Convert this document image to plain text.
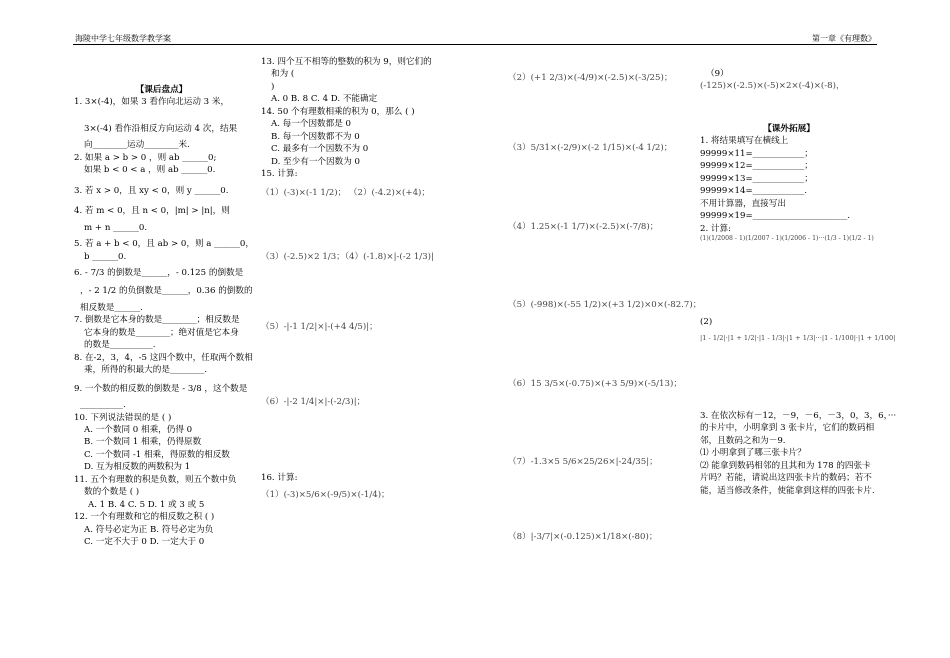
海陵中学七年级数学教学案	第一章《有理数》

【课后盘点】

1. 3×(-4)，如果 3 看作向北运动 3 米，

3×(-4) 看作沿相反方向运动 4 次，结果

向________运动________米.

2. 如果 a > b > 0 ，则 ab ______0;

如果 b < 0 < a ，则 ab ______0.

3. 若 x > 0，且 xy < 0，则 y ______0.

4. 若 m < 0，且 n < 0，|m| > |n|，则

m + n ______0.

5. 若 a + b < 0，且 ab > 0，则 a ______0，

b ______0.

6. - 7/3 的倒数是______，- 0.125 的倒数是

，- 2 1/2 的负倒数是______，0.36 的倒数的

相反数是______.

7. 倒数是它本身的数是________；相反数是

它本身的数是________；绝对值是它本身

的数是__________.

8. 在-2，3，4，-5 这四个数中，任取两个数相

乘，所得的积最大的是________.

9. 一个数的相反数的倒数是 - 3/8 ，这个数是

__________.

10. 下列说法错误的是 ( )

A. 一个数同 0 相乘，仍得 0

B. 一个数同 1 相乘，仍得原数

C. 一个数同 -1 相乘，得原数的相反数

D. 互为相反数的两数积为 1

11. 五个有理数的积是负数，则五个数中负

数的个数是 ( )

A. 1 B. 4 C. 5 D. 1 或 3 或 5

12. 一个有理数和它的相反数之积 ( )

A. 符号必定为正 B. 符号必定为负

C. 一定不大于 0 D. 一定大于 0

13. 四个互不相等的整数的积为 9，则它们的

和为 (

)

A. 0 B. 8 C. 4 D. 不能确定

14. 50 个有理数相乘的积为 0，那么 ( )

A. 每一个因数都是 0

B. 每一个因数都不为 0

C. 最多有一个因数不为 0

D. 至少有一个因数为 0

15. 计算:

（1）(-3)×(-1 1/2)； （2）(-4.2)×(+4)；

（3）(-2.5)×2 1/3；（4）(-1.8)×|-(-2 1/3)|

（5）-|-1 1/2|×|-(+4 4/5)|；

（6）-|-2 1/4|×|-(-2/3)|；

16. 计算:

（1）(-3)×5/6×(-9/5)×(-1/4)；

（2）(+1 2/3)×(-4/9)×(-2.5)×(-3/25)；

（3）5/31×(-2/9)×(-2 1/15)×(-4 1/2)；

（4）1.25×(-1 1/7)×(-2.5)×(-7/8)；

（5）(-998)×(-55 1/2)×(+3 1/2)×0×(-82.7)；

（6）15 3/5×(-0.75)×(+3 5/9)×(-5/13)；

（7）-1.3×5 5/6×25/26×|-24/35|；

（8）|-3/7|×(-0.125)×1/18×(-80)；

（9）

(-125)×(-2.5)×(-5)×2×(-4)×(-8)，

【课外拓展】

1. 将结果填写在横线上

99999×11=____________；

99999×12=____________；

99999×13=____________；

99999×14=____________.

不用计算器，直接写出

99999×19=______________________.

2. 计算:

(1)(1/2008 - 1)(1/2007 - 1)(1/2006 - 1)···(1/3 - 1)(1/2 - 1)

(2)

|1 - 1/2|·|1 + 1/2|·|1 - 1/3|·|1 + 1/3|···|1 - 1/100|·|1 + 1/100|

3. 在依次标有－12，－9，－6，－3，0，3，6，···

的卡片中，小明拿到 3 张卡片，它们的数码相

邻，且数码之和为－9.

⑴ 小明拿到了哪三张卡片？

⑵ 能拿到数码相邻的且其和为 178 的四张卡

片吗？若能，请说出这四张卡片的数码；若不

能，适当修改条件，使能拿到这样的四张卡片.
